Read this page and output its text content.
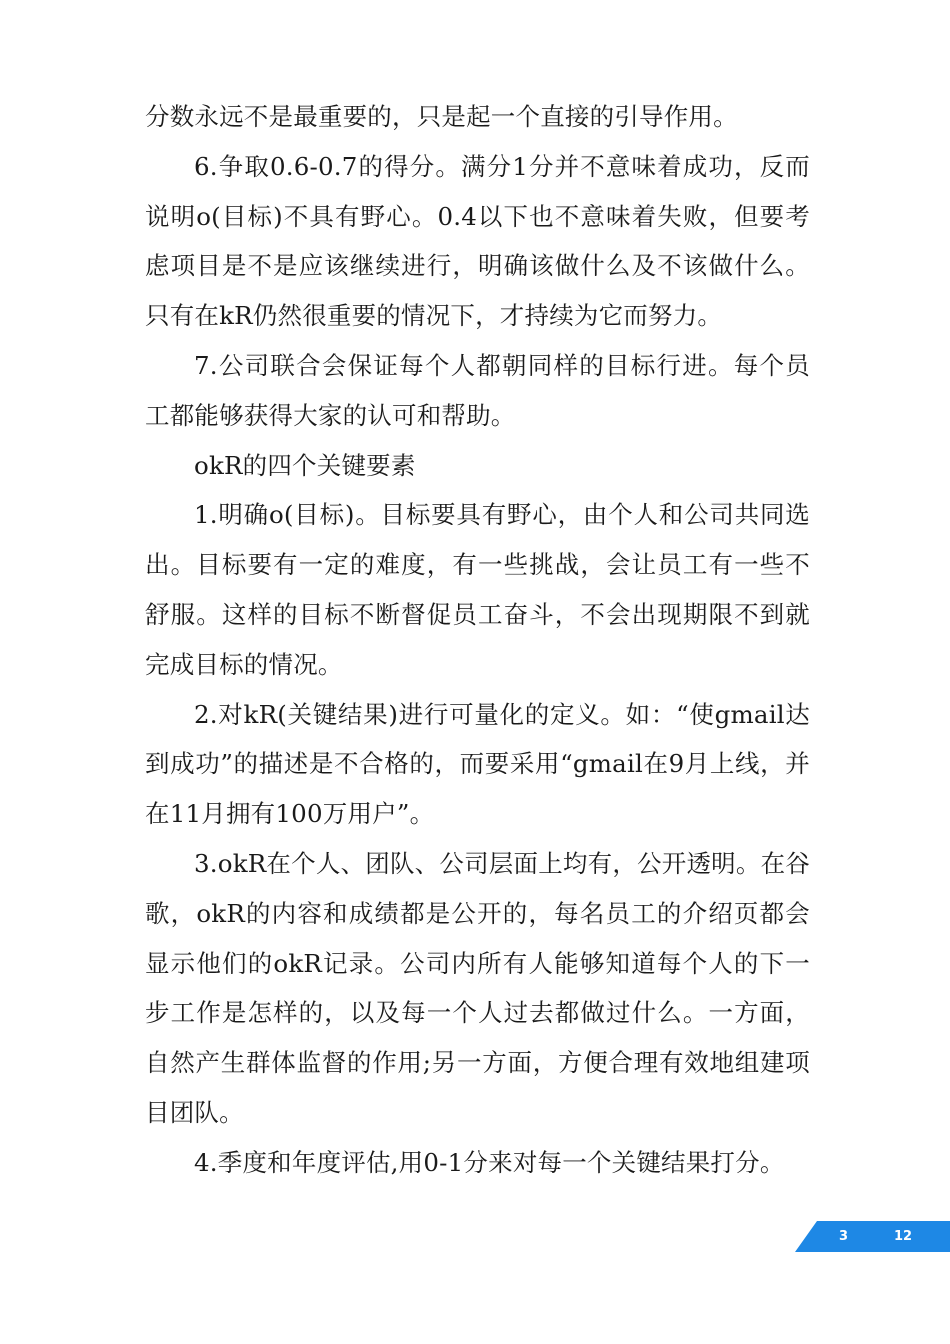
分数永远不是最重要的，只是起一个直接的引导作用。

6.争取0.6-0.7的得分。满分1分并不意味着成功，反而说明o(目标)不具有野心。0.4以下也不意味着失败，但要考虑项目是不是应该继续进行，明确该做什么及不该做什么。只有在kR仍然很重要的情况下，才持续为它而努力。

7.公司联合会保证每个人都朝同样的目标行进。每个员工都能够获得大家的认可和帮助。

okR的四个关键要素

1.明确o(目标)。目标要具有野心，由个人和公司共同选出。目标要有一定的难度，有一些挑战，会让员工有一些不舒服。这样的目标不断督促员工奋斗，不会出现期限不到就完成目标的情况。

2.对kR(关键结果)进行可量化的定义。如：“使gmail达到成功”的描述是不合格的，而要采用“gmail在9月上线，并在11月拥有100万用户”。

3.okR在个人、团队、公司层面上均有，公开透明。在谷歌，okR的内容和成绩都是公开的，每名员工的介绍页都会显示他们的okR记录。公司内所有人能够知道每个人的下一步工作是怎样的，以及每一个人过去都做过什么。一方面，自然产生群体监督的作用;另一方面，方便合理有效地组建项目团队。

4.季度和年度评估,用0-1分来对每一个关键结果打分。

3	12
